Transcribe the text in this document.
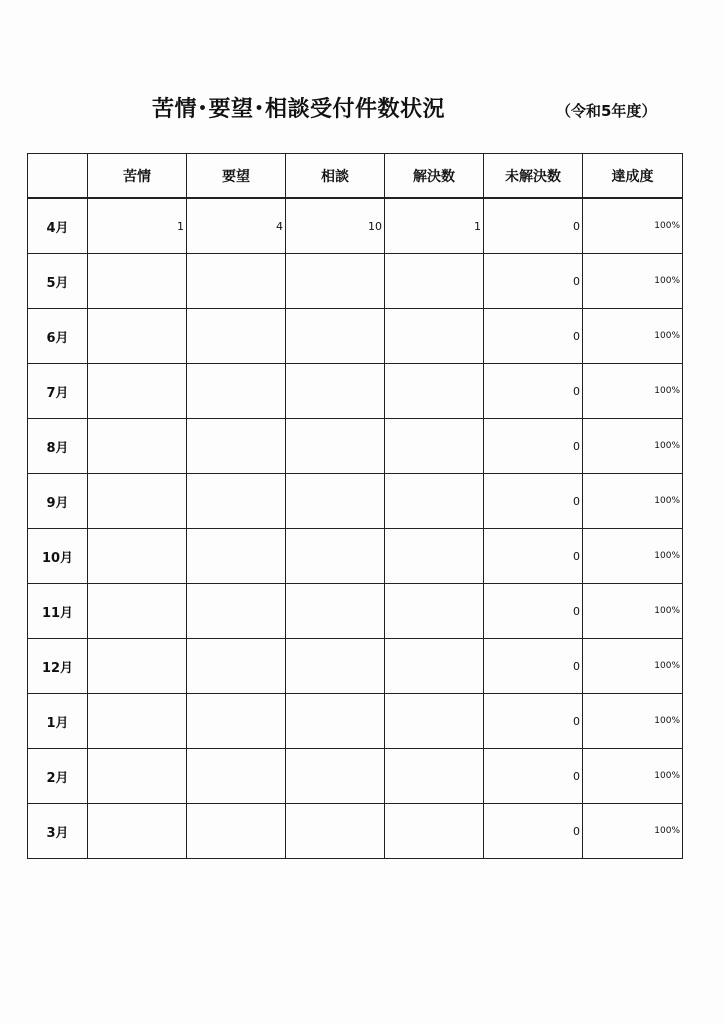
苦情･要望･相談受付件数状況	（令和5年度）
	苦情	要望	相談	解決数	未解決数	達成度
4月	1	4	10	1	0	100%
5月					0	100%
6月					0	100%
7月					0	100%
8月					0	100%
9月					0	100%
10月					0	100%
11月					0	100%
12月					0	100%
1月					0	100%
2月					0	100%
3月					0	100%
